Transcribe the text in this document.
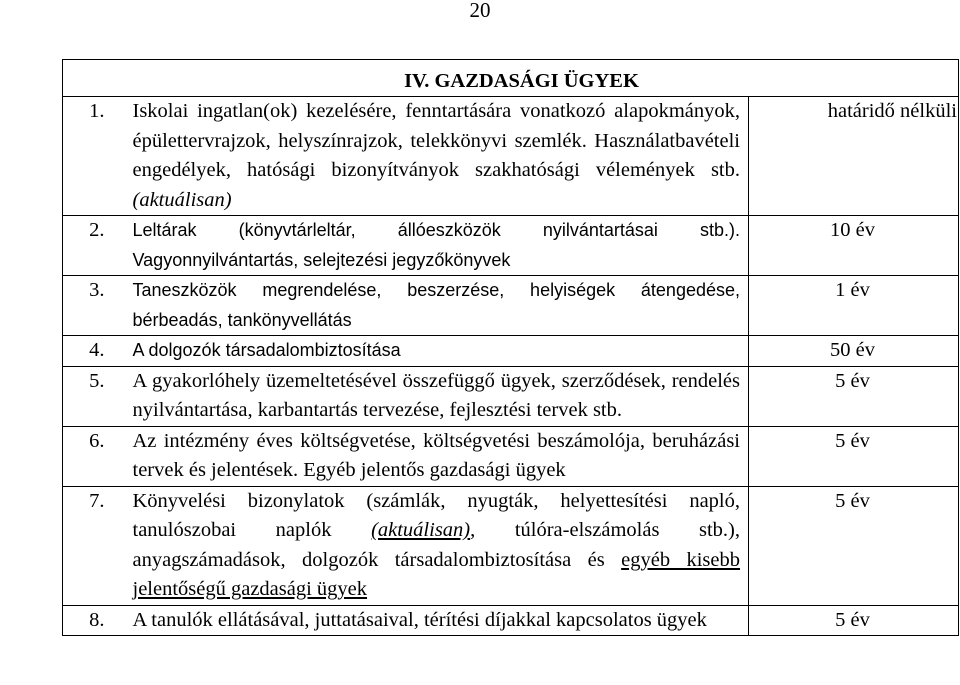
20
IV. GAZDASÁGI ÜGYEK		
1.	Iskolai ingatlan(ok) kezelésére, fenntartására vonatkozó alapokmányok, épülettervrajzok, helyszínrajzok, telekkönyvi szemlék. Használatbavételi engedélyek, hatósági bizonyítványok szakhatósági vélemények stb. (aktuálisan)	határidő nélküli
2.	Leltárak (könyvtárleltár, állóeszközök nyilvántartásai stb.). Vagyonnyilvántartás, selejtezési jegyzőkönyvek	10 év
3.	Taneszközök megrendelése, beszerzése, helyiségek átengedése, bérbeadás, tankönyvellátás	1 év
4.	A dolgozók társadalombiztosítása	50 év
5.	A gyakorlóhely üzemeltetésével összefüggő ügyek, szerződések, rendelés nyilvántartása, karbantartás tervezése, fejlesztési tervek stb.	5 év
6.	Az intézmény éves költségvetése, költségvetési beszámolója, beruházási tervek és jelentések. Egyéb jelentős gazdasági ügyek	5 év
7.	Könyvelési bizonylatok (számlák, nyugták, helyettesítési napló, tanulószobai naplók (aktuálisan), túlóra-elszámolás stb.), anyagszámadások, dolgozók társadalombiztosítása és egyéb kisebb jelentőségű gazdasági ügyek	5 év
8.	A tanulók ellátásával, juttatásaival, térítési díjakkal kapcsolatos ügyek	5 év
